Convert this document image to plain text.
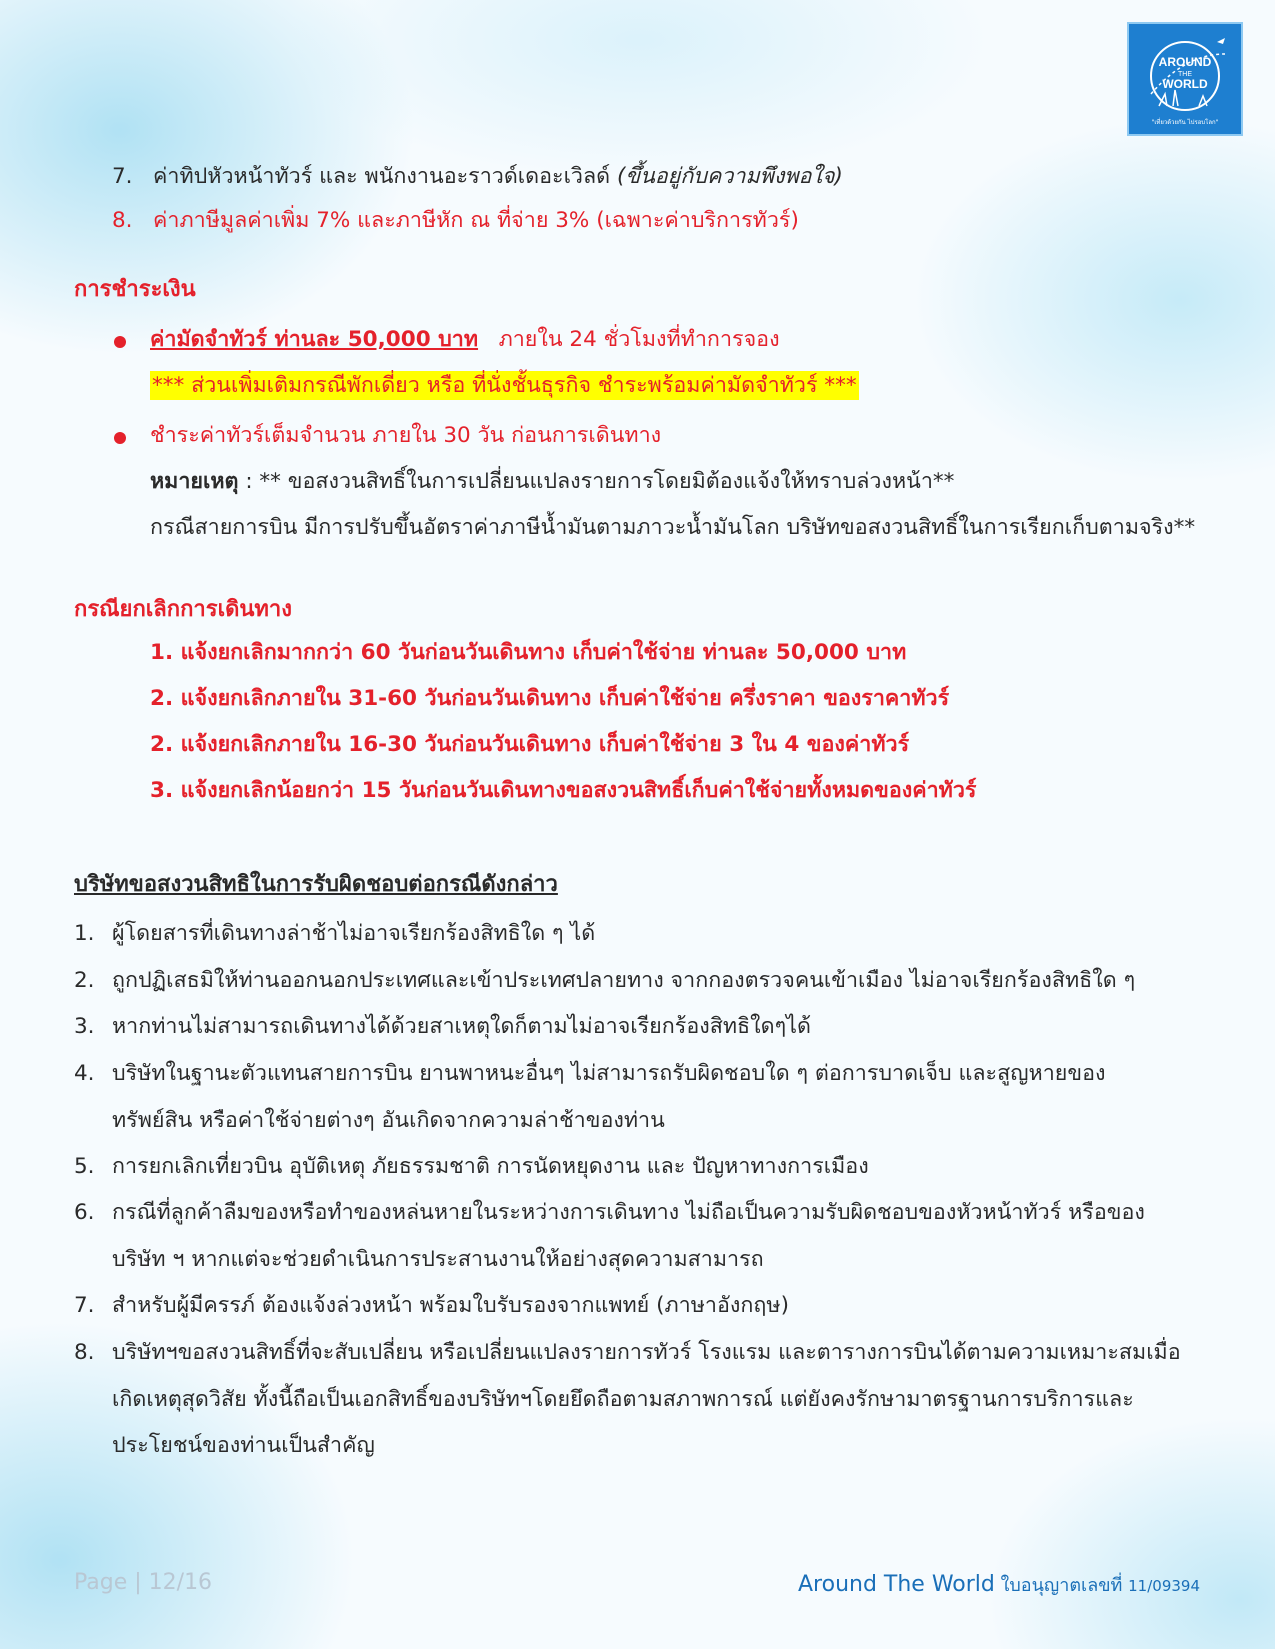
AROUND
THE
WORLD
"เที่ยวด้วยกัน ไปรอบโลก"
7. ค่าทิปหัวหน้าทัวร์ และ พนักงานอะราวด์เดอะเวิลด์ (ขึ้นอยู่กับความพึงพอใจ)
8. ค่าภาษีมูลค่าเพิ่ม 7% และภาษีหัก ณ ที่จ่าย 3% (เฉพาะค่าบริการทัวร์)
การชำระเงิน
ค่ามัดจำทัวร์ ท่านละ 50,000 บาท ภายใน 24 ชั่วโมงที่ทำการจอง
*** ส่วนเพิ่มเติมกรณีพักเดี่ยว หรือ ที่นั่งชั้นธุรกิจ ชำระพร้อมค่ามัดจำทัวร์ ***
ชำระค่าทัวร์เต็มจำนวน ภายใน 30 วัน ก่อนการเดินทาง
หมายเหตุ : ** ขอสงวนสิทธิ์ในการเปลี่ยนแปลงรายการโดยมิต้องแจ้งให้ทราบล่วงหน้า**
กรณีสายการบิน มีการปรับขึ้นอัตราค่าภาษีน้ำมันตามภาวะน้ำมันโลก บริษัทขอสงวนสิทธิ์ในการเรียกเก็บตามจริง**
กรณียกเลิกการเดินทาง
1. แจ้งยกเลิกมากกว่า 60 วันก่อนวันเดินทาง เก็บค่าใช้จ่าย ท่านละ 50,000 บาท
2. แจ้งยกเลิกภายใน 31-60 วันก่อนวันเดินทาง เก็บค่าใช้จ่าย ครึ่งราคา ของราคาทัวร์
2. แจ้งยกเลิกภายใน 16-30 วันก่อนวันเดินทาง เก็บค่าใช้จ่าย 3 ใน 4 ของค่าทัวร์
3. แจ้งยกเลิกน้อยกว่า 15 วันก่อนวันเดินทางขอสงวนสิทธิ์เก็บค่าใช้จ่ายทั้งหมดของค่าทัวร์
บริษัทขอสงวนสิทธิในการรับผิดชอบต่อกรณีดังกล่าว
1. ผู้โดยสารที่เดินทางล่าช้าไม่อาจเรียกร้องสิทธิใด ๆ ได้
2. ถูกปฏิเสธมิให้ท่านออกนอกประเทศและเข้าประเทศปลายทาง จากกองตรวจคนเข้าเมือง ไม่อาจเรียกร้องสิทธิใด ๆ
3. หากท่านไม่สามารถเดินทางได้ด้วยสาเหตุใดก็ตามไม่อาจเรียกร้องสิทธิใดๆได้
4. บริษัทในฐานะตัวแทนสายการบิน ยานพาหนะอื่นๆ ไม่สามารถรับผิดชอบใด ๆ ต่อการบาดเจ็บ และสูญหายของ
ทรัพย์สิน หรือค่าใช้จ่ายต่างๆ อันเกิดจากความล่าช้าของท่าน
5. การยกเลิกเที่ยวบิน อุบัติเหตุ ภัยธรรมชาติ การนัดหยุดงาน และ ปัญหาทางการเมือง
6. กรณีที่ลูกค้าลืมของหรือทำของหล่นหายในระหว่างการเดินทาง ไม่ถือเป็นความรับผิดชอบของหัวหน้าทัวร์ หรือของ
บริษัท ฯ หากแต่จะช่วยดำเนินการประสานงานให้อย่างสุดความสามารถ
7. สำหรับผู้มีครรภ์ ต้องแจ้งล่วงหน้า พร้อมใบรับรองจากแพทย์ (ภาษาอังกฤษ)
8. บริษัทฯขอสงวนสิทธิ์ที่จะสับเปลี่ยน หรือเปลี่ยนแปลงรายการทัวร์ โรงแรม และตารางการบินได้ตามความเหมาะสมเมื่อ
เกิดเหตุสุดวิสัย ทั้งนี้ถือเป็นเอกสิทธิ์ของบริษัทฯโดยยึดถือตามสภาพการณ์ แต่ยังคงรักษามาตรฐานการบริการและ
ประโยชน์ของท่านเป็นสำคัญ
Page | 12/16	Around The World ใบอนุญาตเลขที่ 11/09394
